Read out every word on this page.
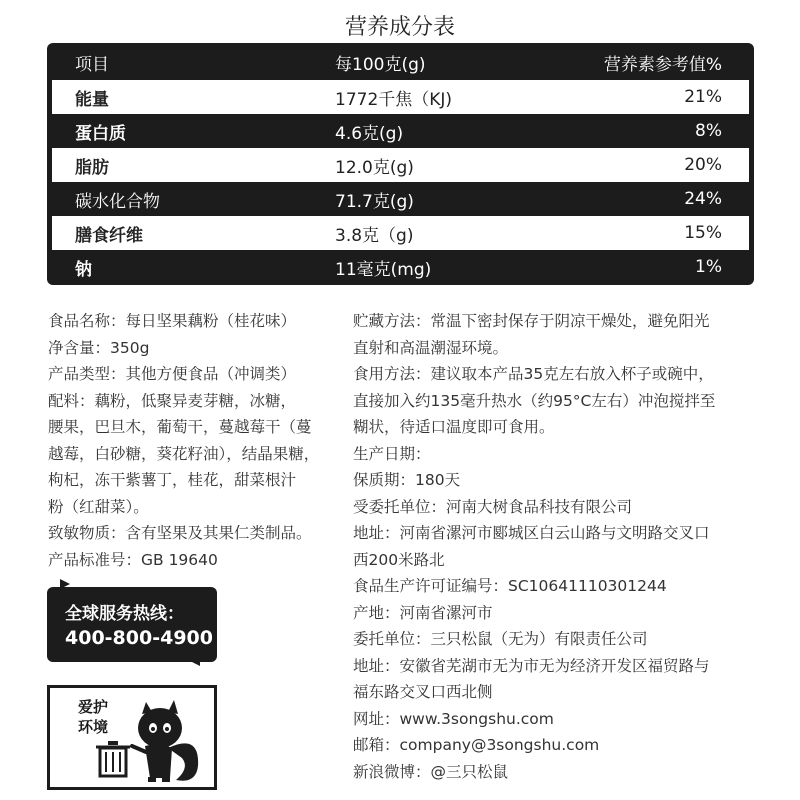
营养成分表
项目	每100克(g)	营养素参考值%
能量	1772千焦（KJ)	21%
蛋白质	4.6克(g)	8%
脂肪	12.0克(g)	20%
碳水化合物	71.7克(g)	24%
膳食纤维	3.8克（g)	15%
钠	11毫克(mg)	1%

食品名称：每日坚果藕粉（桂花味）

净含量：350g

产品类型：其他方便食品（冲调类）

配料：藕粉，低聚异麦芽糖，冰糖，

腰果，巴旦木，葡萄干，蔓越莓干（蔓

越莓，白砂糖，葵花籽油），结晶果糖，

枸杞，冻干紫薯丁，桂花，甜菜根汁

粉（红甜菜）。

致敏物质：含有坚果及其果仁类制品。

产品标准号：GB 19640

贮藏方法：常温下密封保存于阴凉干燥处，避免阳光

直射和高温潮湿环境。

食用方法：建议取本产品35克左右放入杯子或碗中，

直接加入约135毫升热水（约95°C左右）冲泡搅拌至

糊状，待适口温度即可食用。

生产日期：

保质期：180天

受委托单位：河南大树食品科技有限公司

地址：河南省漯河市郾城区白云山路与文明路交叉口

西200米路北

食品生产许可证编号：SC10641110301244

产地：河南省漯河市

委托单位：三只松鼠（无为）有限责任公司

地址：安徽省芜湖市无为市无为经济开发区福贸路与

福东路交叉口西北侧

网址：www.3songshu.com

邮箱：company@3songshu.com

新浪微博：@三只松鼠

全球服务热线：
400-800-4900
爱护
环境
